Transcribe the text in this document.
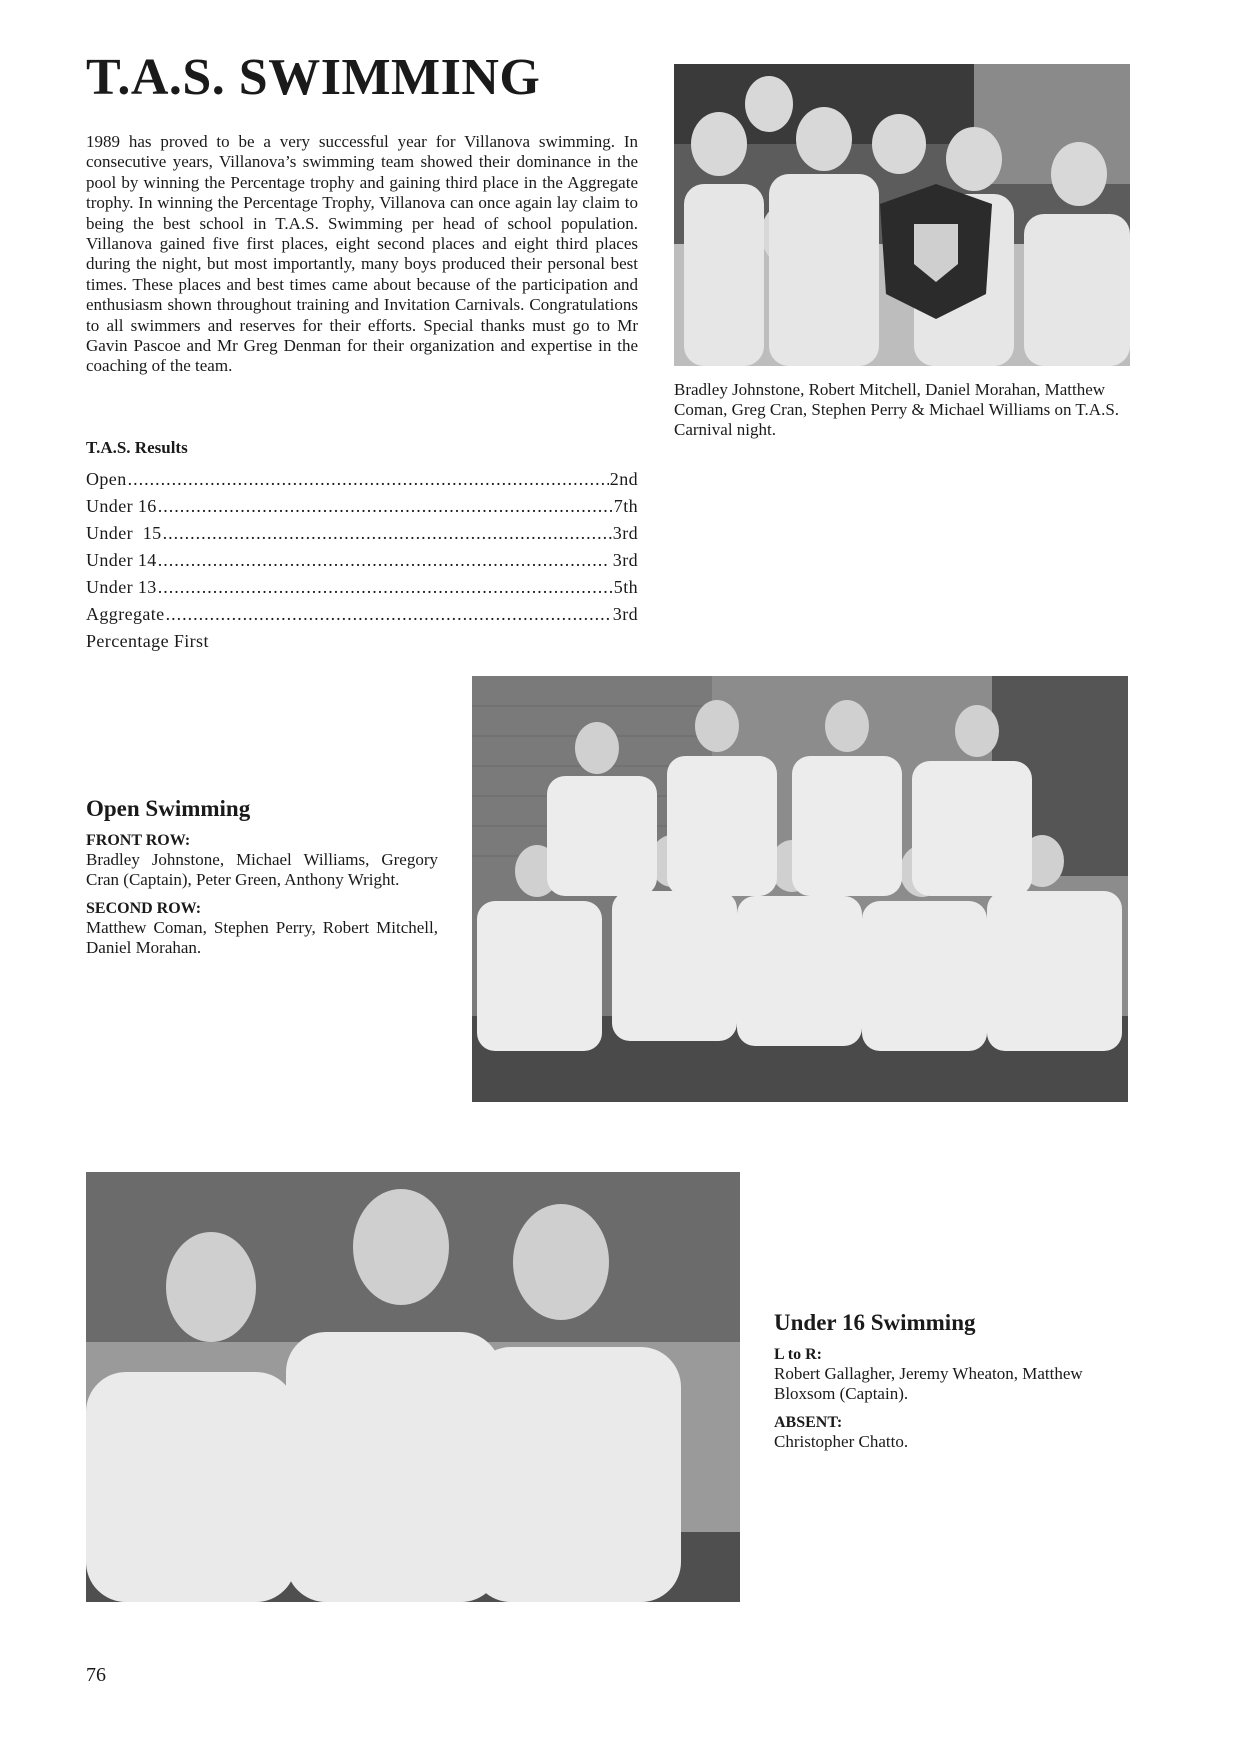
T.A.S. SWIMMING

1989 has proved to be a very successful year for Villanova swimming. In consecutive years, Villanova’s swimming team showed their dominance in the pool by winning the Percentage trophy and gaining third place in the Aggregate trophy. In winning the Percentage Trophy, Villanova can once again lay claim to being the best school in T.A.S. Swimming per head of school population. Villanova gained five first places, eight second places and eight third places during the night, but most importantly, many boys produced their personal best times. These places and best times came about because of the participation and enthusiasm shown throughout training and Invitation Carnivals. Congratulations to all swimmers and reserves for their efforts. Special thanks must go to Mr Gavin Pascoe and Mr Greg Denman for their organization and expertise in the coaching of the team.

T.A.S. Results
Open .....	2nd
Under 16 .....	7th
Under  15 .....	3rd
Under 14 .....	3rd
Under 13 .....	5th
Aggregate .....	3rd
Percentage First

Bradley Johnstone, Robert Mitchell, Daniel Morahan, Matthew Coman, Greg Cran, Stephen Perry & Michael Williams on T.A.S. Carnival night.

Open Swimming

FRONT ROW:

Bradley Johnstone, Michael Williams, Gregory Cran (Captain), Peter Green, Anthony Wright.

SECOND ROW:

Matthew Coman, Stephen Perry, Robert Mitchell, Daniel Morahan.

Under 16 Swimming

L to R:

Robert Gallagher, Jeremy Wheaton, Matthew Bloxsom (Captain).

ABSENT:

Christopher Chatto.

76
